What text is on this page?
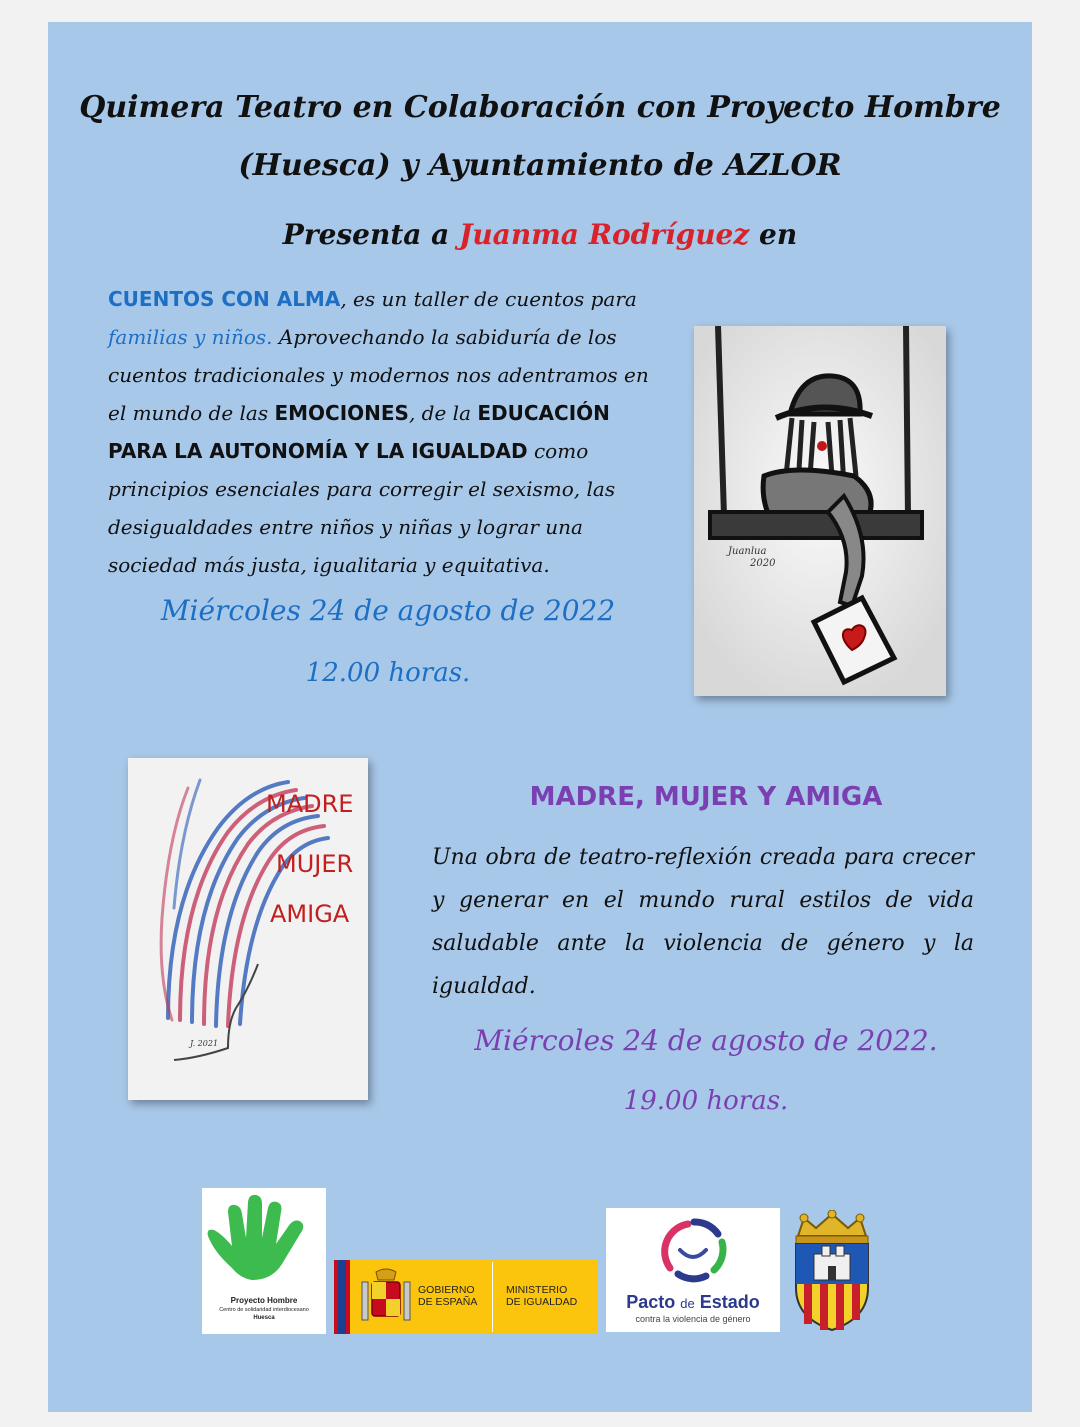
Quimera Teatro en Colaboración con Proyecto Hombre
(Huesca) y Ayuntamiento de AZLOR
Presenta a Juanma Rodríguez en
CUENTOS CON ALMA, es un taller de cuentos para familias y niños. Aprovechando la sabiduría de los cuentos tradicionales y modernos nos adentramos en el mundo de las EMOCIONES, de la EDUCACIÓN PARA LA AUTONOMÍA Y LA IGUALDAD como principios esenciales para corregir el sexismo, las desigualdades entre niños y niñas y lograr una sociedad más justa, igualitaria y equitativa.
Miércoles 24 de agosto de 2022
12.00 horas.
Juanlua
2020
MADRE
MUJER
AMIGA
J. 2021
MADRE, MUJER Y AMIGA
Una obra de teatro-reflexión creada para crecer y generar en el mundo rural estilos de vida saludable ante la violencia de género y la igualdad.
Miércoles 24 de agosto de 2022.
19.00 horas.
Proyecto Hombre
Centro de solidaridad interdiocesano
Huesca
GOBIERNO
DE ESPAÑA
MINISTERIO
DE IGUALDAD	Pacto de Estado
contra la violencia de género
